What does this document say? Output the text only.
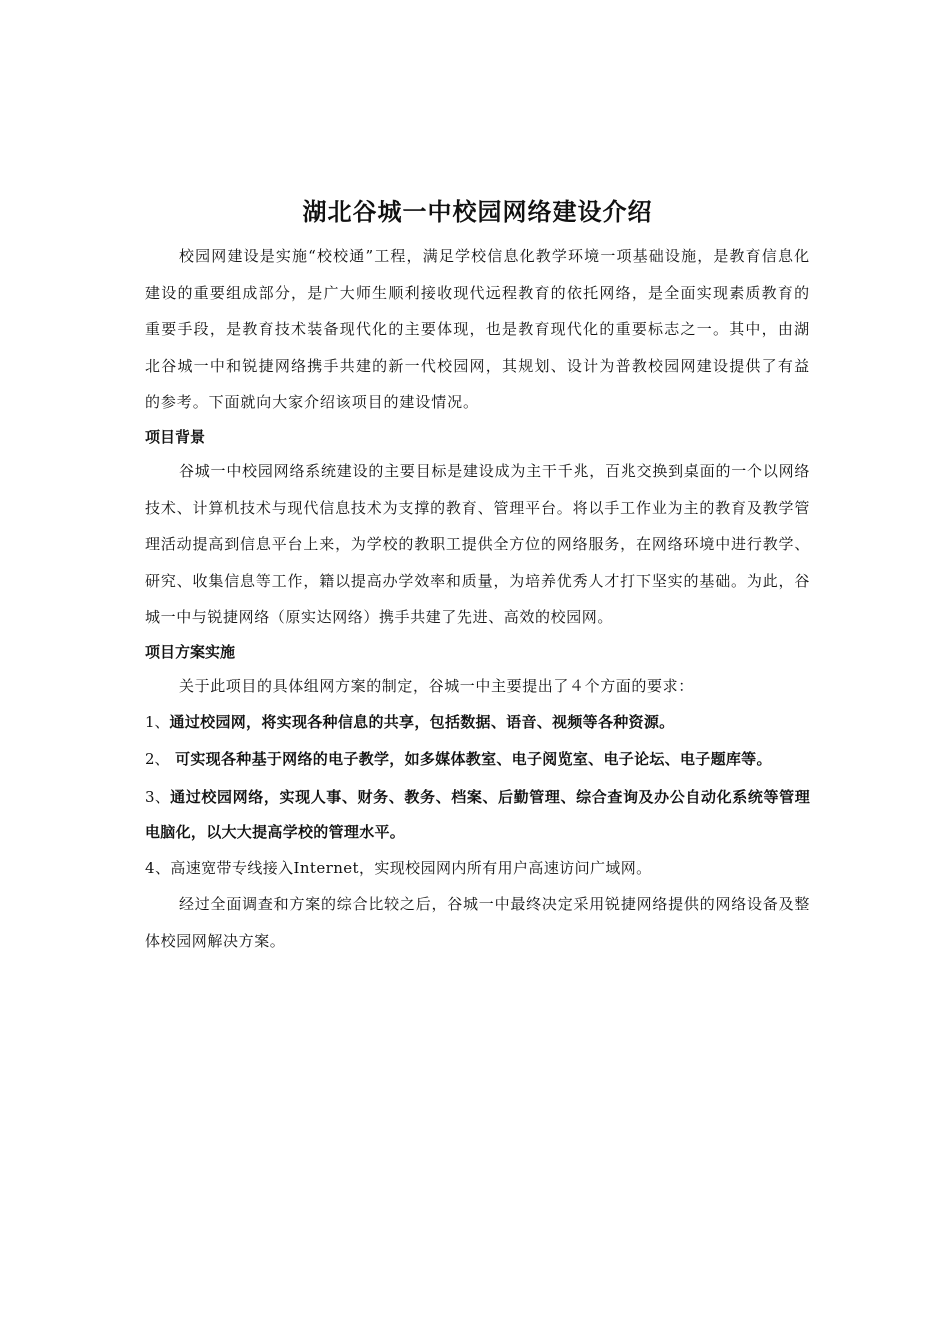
湖北谷城一中校园网络建设介绍

校园网建设是实施“校校通”工程，满足学校信息化教学环境一项基础设施，是教育信息化建设的重要组成部分，是广大师生顺利接收现代远程教育的依托网络，是全面实现素质教育的重要手段，是教育技术装备现代化的主要体现，也是教育现代化的重要标志之一。其中，由湖北谷城一中和锐捷网络携手共建的新一代校园网，其规划、设计为普教校园网建设提供了有益的参考。下面就向大家介绍该项目的建设情况。

项目背景

谷城一中校园网络系统建设的主要目标是建设成为主干千兆，百兆交换到桌面的一个以网络技术、计算机技术与现代信息技术为支撑的教育、管理平台。将以手工作业为主的教育及教学管理活动提高到信息平台上来，为学校的教职工提供全方位的网络服务，在网络环境中进行教学、研究、收集信息等工作，籍以提高办学效率和质量，为培养优秀人才打下坚实的基础。为此，谷城一中与锐捷网络（原实达网络）携手共建了先进、高效的校园网。

项目方案实施

关于此项目的具体组网方案的制定，谷城一中主要提出了４个方面的要求：

1、通过校园网，将实现各种信息的共享，包括数据、语音、视频等各种资源。

2、 可实现各种基于网络的电子教学，如多媒体教室、电子阅览室、电子论坛、电子题库等。

3、通过校园网络，实现人事、财务、教务、档案、后勤管理、综合查询及办公自动化系统等管理电脑化，以大大提高学校的管理水平。

4、高速宽带专线接入Internet，实现校园网内所有用户高速访问广域网。

经过全面调查和方案的综合比较之后，谷城一中最终决定采用锐捷网络提供的网络设备及整体校园网解决方案。
